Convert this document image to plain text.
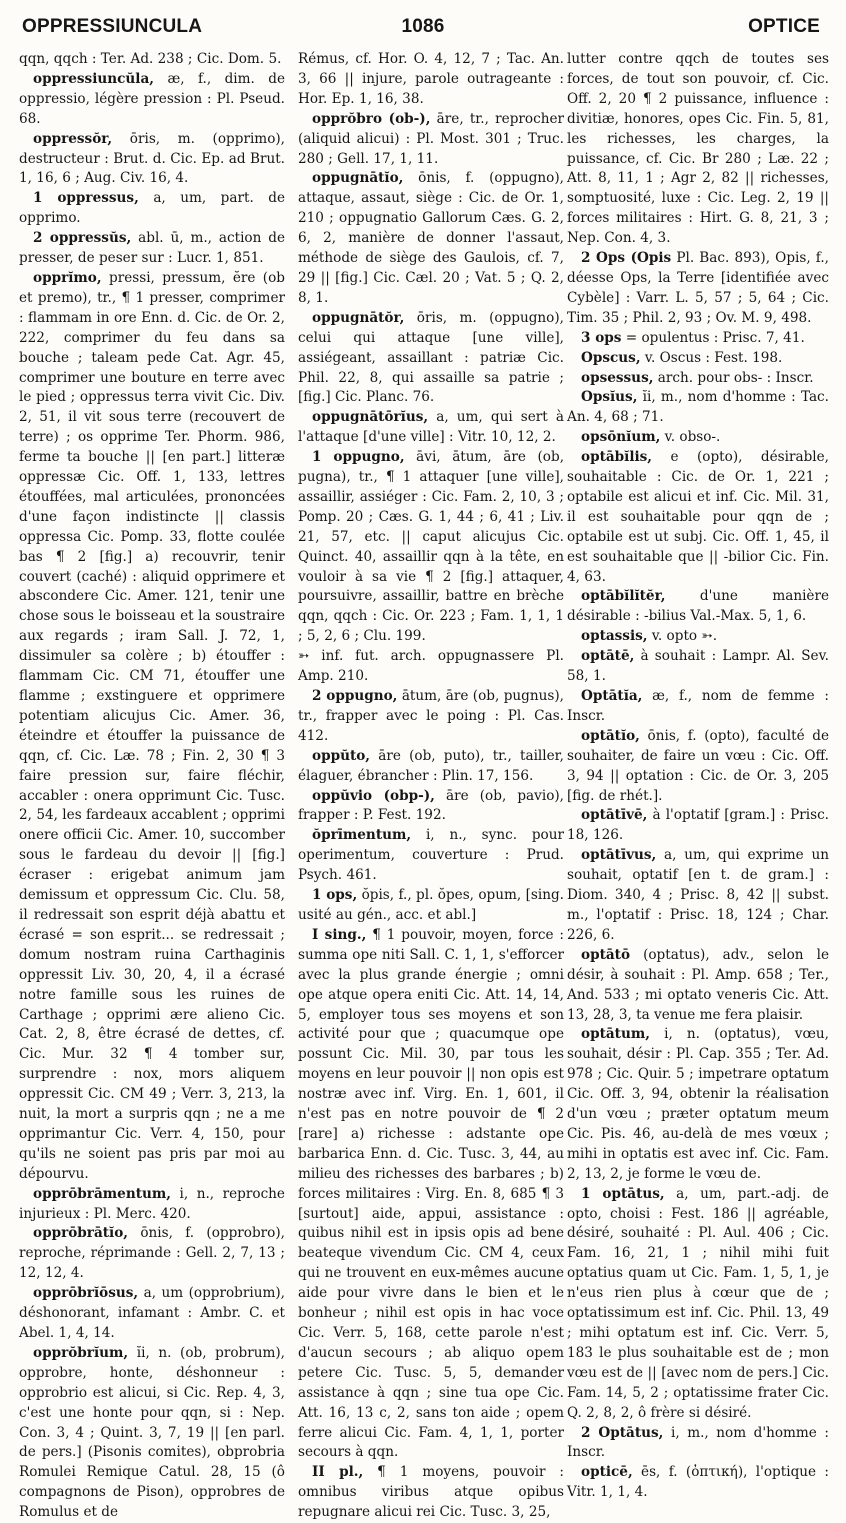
OPPRESSIUNCULA	1086	OPTICE

qqn, qqch : Ter. Ad. 238 ; Cic. Dom. 5.

oppressiuncŭla, æ, f., dim. de oppressio, légère pression : Pl. Pseud. 68.

oppressŏr, ōris, m. (opprimo), destructeur : Brut. d. Cic. Ep. ad Brut. 1, 16, 6 ; Aug. Civ. 16, 4.

1 oppressus, a, um, part. de opprimo.

2 oppressŭs, abl. ū, m., action de presser, de peser sur : Lucr. 1, 851.

opprĭmo, pressi, pressum, ĕre (ob et premo), tr., ¶ 1 presser, comprimer : flammam in ore Enn. d. Cic. de Or. 2, 222, comprimer du feu dans sa bouche ; taleam pede Cat. Agr. 45, comprimer une bouture en terre avec le pied ; oppressus terra vivit Cic. Div. 2, 51, il vit sous terre (recouvert de terre) ; os opprime Ter. Phorm. 986, ferme ta bouche || [en part.] litteræ oppressæ Cic. Off. 1, 133, lettres étouffées, mal articulées, prononcées d'une façon indistincte || classis oppressa Cic. Pomp. 33, flotte coulée bas ¶ 2 [fig.] a) recouvrir, tenir couvert (caché) : aliquid opprimere et abscondere Cic. Amer. 121, tenir une chose sous le boisseau et la soustraire aux regards ; iram Sall. J. 72, 1, dissimuler sa colère ; b) étouffer : flammam Cic. CM 71, étouffer une flamme ; exstinguere et opprimere potentiam alicujus Cic. Amer. 36, éteindre et étouffer la puissance de qqn, cf. Cic. Læ. 78 ; Fin. 2, 30 ¶ 3 faire pression sur, faire fléchir, accabler : onera opprimunt Cic. Tusc. 2, 54, les fardeaux accablent ; opprimi onere officii Cic. Amer. 10, succomber sous le fardeau du devoir || [fig.] écraser : erigebat animum jam demissum et oppressum Cic. Clu. 58, il redressait son esprit déjà abattu et écrasé = son esprit... se redressait ; domum nostram ruina Carthaginis oppressit Liv. 30, 20, 4, il a écrasé notre famille sous les ruines de Carthage ; opprimi ære alieno Cic. Cat. 2, 8, être écrasé de dettes, cf. Cic. Mur. 32 ¶ 4 tomber sur, surprendre : nox, mors aliquem oppressit Cic. CM 49 ; Verr. 3, 213, la nuit, la mort a surpris qqn ; ne a me opprimantur Cic. Verr. 4, 150, pour qu'ils ne soient pas pris par moi au dépourvu.

opprōbrāmentum, i, n., reproche injurieux : Pl. Merc. 420.

opprōbrātĭo, ōnis, f. (opprobro), reproche, réprimande : Gell. 2, 7, 13 ; 12, 12, 4.

opprōbrĭōsus, a, um (opprobrium), déshonorant, infamant : Ambr. C. et Abel. 1, 4, 14.

opprŏbrĭum, ĭi, n. (ob, probrum), opprobre, honte, déshonneur : opprobrio est alicui, si Cic. Rep. 4, 3, c'est une honte pour qqn, si : Nep. Con. 3, 4 ; Quint. 3, 7, 19 || [en parl. de pers.] (Pisonis comites), obprobria Romulei Remique Catul. 28, 15 (ô compagnons de Pison), opprobres de Romulus et de

Rémus, cf. Hor. O. 4, 12, 7 ; Tac. An. 3, 66 || injure, parole outrageante : Hor. Ep. 1, 16, 38.

opprŏbro (ob-), āre, tr., reprocher (aliquid alicui) : Pl. Most. 301 ; Truc. 280 ; Gell. 17, 1, 11.

oppugnātĭo, ōnis, f. (oppugno), attaque, assaut, siège : Cic. de Or. 1, 210 ; oppugnatio Gallorum Cæs. G. 2, 6, 2, manière de donner l'assaut, méthode de siège des Gaulois, cf. 7, 29 || [fig.] Cic. Cæl. 20 ; Vat. 5 ; Q. 2, 8, 1.

oppugnātŏr, ōris, m. (oppugno), celui qui attaque [une ville], assiégeant, assaillant : patriæ Cic. Phil. 22, 8, qui assaille sa patrie ; [fig.] Cic. Planc. 76.

oppugnātōrĭus, a, um, qui sert à l'attaque [d'une ville] : Vitr. 10, 12, 2.

1 oppugno, āvi, ātum, āre (ob, pugna), tr., ¶ 1 attaquer [une ville], assaillir, assiéger : Cic. Fam. 2, 10, 3 ; Pomp. 20 ; Cæs. G. 1, 44 ; 6, 41 ; Liv. 21, 57, etc. || caput alicujus Cic. Quinct. 40, assaillir qqn à la tête, en vouloir à sa vie ¶ 2 [fig.] attaquer, poursuivre, assaillir, battre en brèche qqn, qqch : Cic. Or. 223 ; Fam. 1, 1, 1 ; 5, 2, 6 ; Clu. 199.

➳ inf. fut. arch. oppugnassere Pl. Amp. 210.

2 oppugno, ātum, āre (ob, pugnus), tr., frapper avec le poing : Pl. Cas. 412.

oppŭto, āre (ob, puto), tr., tailler, élaguer, ébrancher : Plin. 17, 156.

oppŭvio (obp-), āre (ob, pavio), frapper : P. Fest. 192.

ŏprīmentum, i, n., sync. pour operimentum, couverture : Prud. Psych. 461.

1 ops, ŏpis, f., pl. ŏpes, opum, [sing. usité au gén., acc. et abl.]

I sing., ¶ 1 pouvoir, moyen, force : summa ope niti Sall. C. 1, 1, s'efforcer avec la plus grande énergie ; omni ope atque opera eniti Cic. Att. 14, 14, 5, employer tous ses moyens et son activité pour que ; quacumque ope possunt Cic. Mil. 30, par tous les moyens en leur pouvoir || non opis est nostræ avec inf. Virg. En. 1, 601, il n'est pas en notre pouvoir de ¶ 2 [rare] a) richesse : adstante ope barbarica Enn. d. Cic. Tusc. 3, 44, au milieu des richesses des barbares ; b) forces militaires : Virg. En. 8, 685 ¶ 3 [surtout] aide, appui, assistance : quibus nihil est in ipsis opis ad bene beateque vivendum Cic. CM 4, ceux qui ne trouvent en eux-mêmes aucune aide pour vivre dans le bien et le bonheur ; nihil est opis in hac voce Cic. Verr. 5, 168, cette parole n'est d'aucun secours ; ab aliquo opem petere Cic. Tusc. 5, 5, demander assistance à qqn ; sine tua ope Cic. Att. 16, 13 c, 2, sans ton aide ; opem ferre alicui Cic. Fam. 4, 1, 1, porter secours à qqn.

II pl., ¶ 1 moyens, pouvoir : omnibus viribus atque opibus repugnare alicui rei Cic. Tusc. 3, 25,

lutter contre qqch de toutes ses forces, de tout son pouvoir, cf. Cic. Off. 2, 20 ¶ 2 puissance, influence : divitiæ, honores, opes Cic. Fin. 5, 81, les richesses, les charges, la puissance, cf. Cic. Br 280 ; Læ. 22 ; Att. 8, 11, 1 ; Agr 2, 82 || richesses, somptuosité, luxe : Cic. Leg. 2, 19 || forces militaires : Hirt. G. 8, 21, 3 ; Nep. Con. 4, 3.

2 Ops (Opis Pl. Bac. 893), Opis, f., déesse Ops, la Terre [identifiée avec Cybèle] : Varr. L. 5, 57 ; 5, 64 ; Cic. Tim. 35 ; Phil. 2, 93 ; Ov. M. 9, 498.

3 ops = opulentus : Prisc. 7, 41.

Opscus, v. Oscus : Fest. 198.

opsessus, arch. pour obs- : Inscr.

Opsĭus, ĭi, m., nom d'homme : Tac. An. 4, 68 ; 71.

opsōnĭum, v. obso-.

optābĭlis, e (opto), désirable, souhaitable : Cic. de Or. 1, 221 ; optabile est alicui et inf. Cic. Mil. 31, il est souhaitable pour qqn de ; optabile est ut subj. Cic. Off. 1, 45, il est souhaitable que || -bilior Cic. Fin. 4, 63.

optābĭlĭtĕr,	d'une manière désirable : -bilius Val.-Max. 5, 1, 6.

optassis, v. opto ➳.

optātē, à souhait : Lampr. Al. Sev. 58, 1.

Optātĭa, æ, f., nom de femme : Inscr.

optātĭo, ōnis, f. (opto), faculté de souhaiter, de faire un vœu : Cic. Off. 3, 94 || optation : Cic. de Or. 3, 205 [fig. de rhét.].

optātīvē, à l'optatif [gram.] : Prisc. 18, 126.

optātīvus, a, um, qui exprime un souhait, optatif [en t. de gram.] : Diom. 340, 4 ; Prisc. 8, 42 || subst. m., l'optatif : Prisc. 18, 124 ; Char. 226, 6.

optātō (optatus), adv., selon le désir, à souhait : Pl. Amp. 658 ; Ter., And. 533 ; mi optato veneris Cic. Att. 13, 28, 3, ta venue me fera plaisir.

optātum, i, n. (optatus), vœu, souhait, désir : Pl. Cap. 355 ; Ter. Ad. 978 ; Cic. Quir. 5 ; impetrare optatum Cic. Off. 3, 94, obtenir la réalisation d'un vœu ; præter optatum meum Cic. Pis. 46, au-delà de mes vœux ; mihi in optatis est avec inf. Cic. Fam. 2, 13, 2, je forme le vœu de.

1 optātus, a, um, part.-adj. de opto, choisi : Fest. 186 || agréable, désiré, souhaité : Pl. Aul. 406 ; Cic. Fam. 16, 21, 1 ; nihil mihi fuit optatius quam ut Cic. Fam. 1, 5, 1, je n'eus rien plus à cœur que de ; optatissimum est inf. Cic. Phil. 13, 49 ; mihi optatum est inf. Cic. Verr. 5, 183 le plus souhaitable est de ; mon vœu est de || [avec nom de pers.] Cic. Fam. 14, 5, 2 ; optatissime frater Cic. Q. 2, 8, 2, ô frère si désiré.

2 Optātus, i, m., nom d'homme : Inscr.

opticē, ēs, f. (ὀπτική), l'optique : Vitr. 1, 1, 4.
